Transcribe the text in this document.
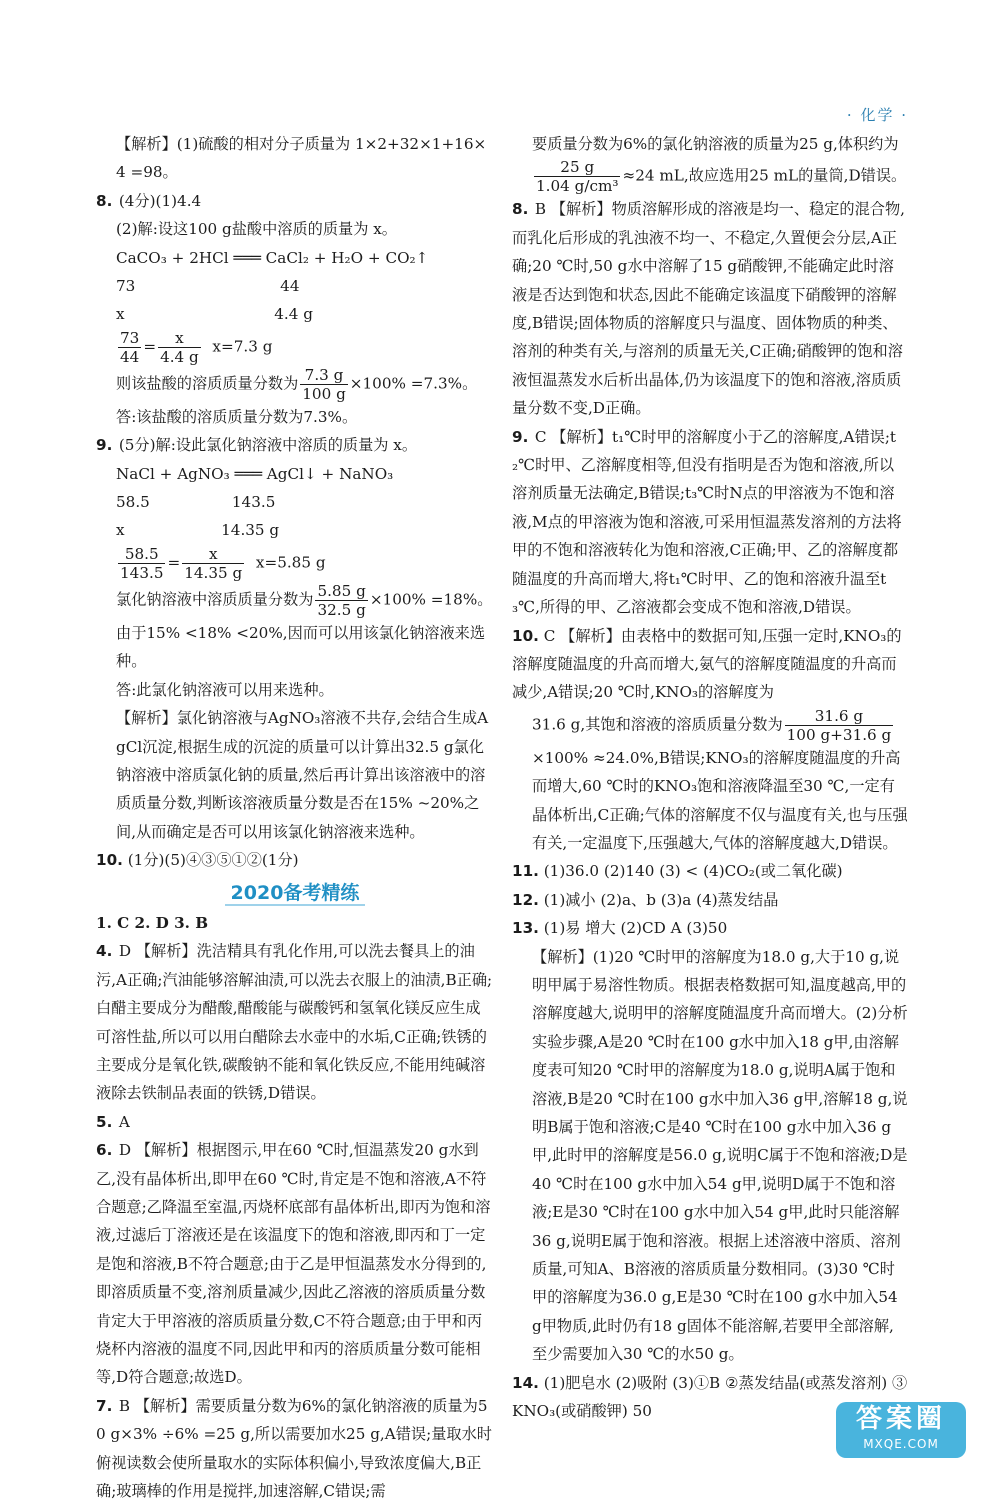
· 化学 ·

【解析】(1)硫酸的相对分子质量为 1×2+32×1+16×4 =98。

8. (4分)(1)4.4

(2)解:设这100 g盐酸中溶质的质量为 x。

CaCO₃ + 2HCl ═══ CaCl₂ + H₂O + CO₂↑

73                              44

x                               4.4 g

$\frac{73}{44} = \frac{x}{4.4 g} x=7.3$ g

则该盐酸的溶质质量分数为 $\frac{7.3 g}{100 g} \times 100\% =7.3\%$。

答:该盐酸的溶质质量分数为7.3%。

9. (5分)解:设此氯化钠溶液中溶质的质量为 x。

NaCl + AgNO₃ ═══ AgCl↓ + NaNO₃

58.5                 143.5

x                    14.35 g

$\frac{58.5}{143.5} = \frac{x}{14.35 g} x=5.85$ g

氯化钠溶液中溶质质量分数为 $\frac{5.85 g}{32.5 g} \times 100\% =18\%$。

由于15% <18% <20%,因而可以用该氯化钠溶液来选种。

答:此氯化钠溶液可以用来选种。

【解析】氯化钠溶液与AgNO₃溶液不共存,会结合生成AgCl沉淀,根据生成的沉淀的质量可以计算出32.5 g氯化钠溶液中溶质氯化钠的质量,然后再计算出该溶液中的溶质质量分数,判断该溶液质量分数是否在15% ~20%之间,从而确定是否可以用该氯化钠溶液来选种。

10. (1分)(5)④③⑤①②(1分)

2020备考精练

1. C 2. D 3. B

4. D 【解析】洗洁精具有乳化作用,可以洗去餐具上的油污,A正确;汽油能够溶解油渍,可以洗去衣服上的油渍,B正确;白醋主要成分为醋酸,醋酸能与碳酸钙和氢氧化镁反应生成可溶性盐,所以可以用白醋除去水壶中的水垢,C正确;铁锈的主要成分是氧化铁,碳酸钠不能和氧化铁反应,不能用纯碱溶液除去铁制品表面的铁锈,D错误。

5. A

6. D 【解析】根据图示,甲在60 ℃时,恒温蒸发20 g水到乙,没有晶体析出,即甲在60 ℃时,肯定是不饱和溶液,A不符合题意;乙降温至室温,丙烧杯底部有晶体析出,即丙为饱和溶液,过滤后丁溶液还是在该温度下的饱和溶液,即丙和丁一定是饱和溶液,B不符合题意;由于乙是甲恒温蒸发水分得到的,即溶质质量不变,溶剂质量减少,因此乙溶液的溶质质量分数肯定大于甲溶液的溶质质量分数,C不符合题意;由于甲和丙烧杯内溶液的温度不同,因此甲和丙的溶质质量分数可能相等,D符合题意;故选D。

7. B 【解析】需要质量分数为6%的氯化钠溶液的质量为50 g×3% ÷6% =25 g,所以需要加水25 g,A错误;量取水时俯视读数会使所量取水的实际体积偏小,导致浓度偏大,B正确;玻璃棒的作用是搅拌,加速溶解,C错误;需

要质量分数为6%的氯化钠溶液的质量为25 g,体积约为

$\frac{25 g}{\text{1.04 g/cm³}} \approx 24$ mL,故应选用25 mL的量筒,D错误。

8. B 【解析】物质溶解形成的溶液是均一、稳定的混合物,而乳化后形成的乳浊液不均一、不稳定,久置便会分层,A正确;20 ℃时,50 g水中溶解了15 g硝酸钾,不能确定此时溶液是否达到饱和状态,因此不能确定该温度下硝酸钾的溶解度,B错误;固体物质的溶解度只与温度、固体物质的种类、溶剂的种类有关,与溶剂的质量无关,C正确;硝酸钾的饱和溶液恒温蒸发水后析出晶体,仍为该温度下的饱和溶液,溶质质量分数不变,D正确。

9. C 【解析】t₁℃时甲的溶解度小于乙的溶解度,A错误;t₂℃时甲、乙溶解度相等,但没有指明是否为饱和溶液,所以溶剂质量无法确定,B错误;t₃℃时N点的甲溶液为不饱和溶液,M点的甲溶液为饱和溶液,可采用恒温蒸发溶剂的方法将甲的不饱和溶液转化为饱和溶液,C正确;甲、乙的溶解度都随温度的升高而增大,将t₁℃时甲、乙的饱和溶液升温至t₃℃,所得的甲、乙溶液都会变成不饱和溶液,D错误。

10. C 【解析】由表格中的数据可知,压强一定时,KNO₃的溶解度随温度的升高而增大,氨气的溶解度随温度的升高而减少,A错误;20 ℃时,KNO₃的溶解度为

31.6 g,其饱和溶液的溶质质量分数为 $\frac{31.6 g}{100 g+31.6 g}$

×100% ≈24.0%,B错误;KNO₃的溶解度随温度的升高而增大,60 ℃时的KNO₃饱和溶液降温至30 ℃,一定有晶体析出,C正确;气体的溶解度不仅与温度有关,也与压强有关,一定温度下,压强越大,气体的溶解度越大,D错误。

11. (1)36.0 (2)140 (3) < (4)CO₂(或二氧化碳)

12. (1)减小 (2)a、b (3)a (4)蒸发结晶

13. (1)易 增大 (2)CD A (3)50

【解析】(1)20 ℃时甲的溶解度为18.0 g,大于10 g,说明甲属于易溶性物质。根据表格数据可知,温度越高,甲的溶解度越大,说明甲的溶解度随温度升高而增大。(2)分析实验步骤,A是20 ℃时在100 g水中加入18 g甲,由溶解度表可知20 ℃时甲的溶解度为18.0 g,说明A属于饱和溶液,B是20 ℃时在100 g水中加入36 g甲,溶解18 g,说明B属于饱和溶液;C是40 ℃时在100 g水中加入36 g甲,此时甲的溶解度是56.0 g,说明C属于不饱和溶液;D是40 ℃时在100 g水中加入54 g甲,说明D属于不饱和溶液;E是30 ℃时在100 g水中加入54 g甲,此时只能溶解36 g,说明E属于饱和溶液。根据上述溶液中溶质、溶剂质量,可知A、B溶液的溶质质量分数相同。(3)30 ℃时甲的溶解度为36.0 g,E是30 ℃时在100 g水中加入54 g甲物质,此时仍有18 g固体不能溶解,若要甲全部溶解,至少需要加入30 ℃的水50 g。

14. (1)肥皂水 (2)吸附 (3)①B ②蒸发结晶(或蒸发溶剂) ③KNO₃(或硝酸钾) 50	答案圈
MXQE.COM
